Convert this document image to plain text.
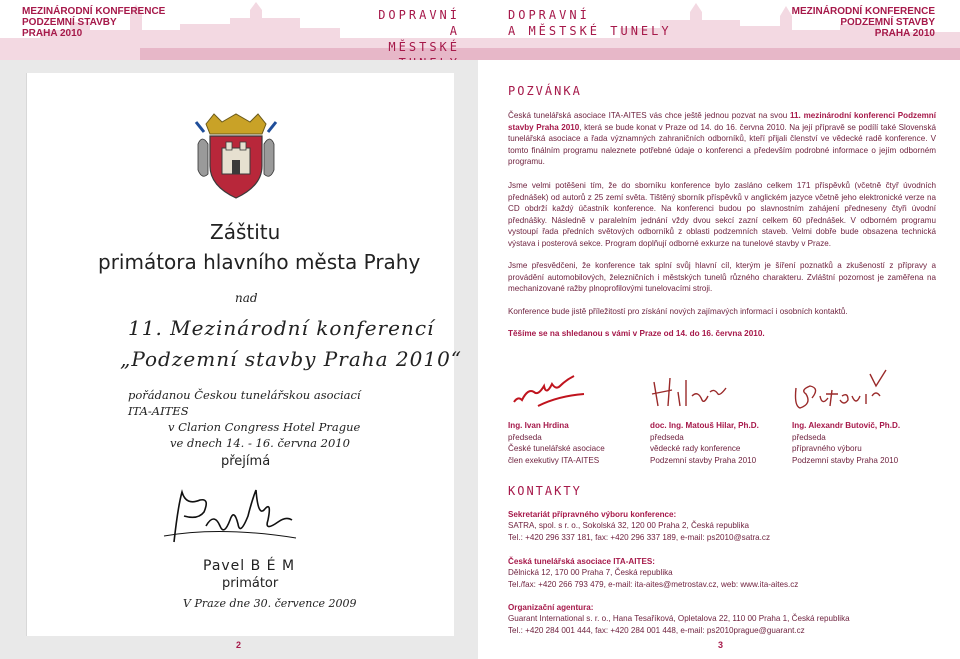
MEZINÁRODNÍ KONFERENCE
PODZEMNÍ STAVBY
PRAHA 2010
DOPRAVNÍ
A MĚSTSKÉ
DOPRAVNÍ
A MĚSTSKÉ TUNELY
MEZINÁRODNÍ KONFERENCE
PODZEMNÍ STAVBY
PRAHA 2010
Záštitu
primátora hlavního města Prahy
nad
11. Mezinárodní konferencí
„Podzemní stavby Praha 2010“
pořádanou Českou tunelářskou asociací ITA-AITES
v Clarion Congress Hotel Prague
ve dnech 14. - 16. června 2010
přejímá
Pavel B É M
primátor
V Praze dne 30. července 2009
2
POZVÁNKA
Česká tunelářská asociace ITA-AITES vás chce ještě jednou pozvat na svou 11. mezinárodní konferenci Podzemní stavby Praha 2010, která se bude konat v Praze od 14. do 16. června 2010. Na její přípravě se podílí také Slovenská tunelářská asociace a řada významných zahraničních odborníků, kteří přijali členství ve vědecké radě konference. V tomto finálním programu naleznete potřebné údaje o konferenci a především podrobné informace o jejím odborném programu.
Jsme velmi potěšeni tím, že do sborníku konference bylo zasláno celkem 171 příspěvků (včetně čtyř úvodních přednášek) od autorů z 25 zemí světa. Tištěný sborník příspěvků v anglickém jazyce včetně jeho elektronické verze na CD obdrží každý účastník konference. Na konferenci budou po slavnostním zahájení předneseny čtyři úvodní přednášky. Následně v paralelním jednání vždy dvou sekcí zazní celkem 60 přednášek. V odborném programu vystoupí řada předních světových odborníků z oblasti podzemních staveb. Velmi dobře bude obsazena technická výstava i posterová sekce. Program doplňují odborné exkurze na tunelové stavby v Praze.
Jsme přesvědčeni, že konference tak splní svůj hlavní cíl, kterým je šíření poznatků a zkušeností z přípravy a provádění automobilových, železničních i městských tunelů různého charakteru. Zvláštní pozornost je zaměřena na mechanizované ražby plnoprofilovými tunelovacími stroji.
Konference bude jistě příležitostí pro získání nových zajímavých informací i osobních kontaktů.
Těšíme se na shledanou s vámi v Praze od 14. do 16. června 2010.
Ing. Ivan Hrdina
předseda
České tunelářské asociace
člen exekutivy ITA-AITES
doc. Ing. Matouš Hilar, Ph.D.
předseda
vědecké rady konference
Podzemní stavby Praha 2010
Ing. Alexandr Butovič, Ph.D.
předseda
přípravného výboru
Podzemní stavby Praha 2010
KONTAKTY
Sekretariát přípravného výboru konference:
SATRA, spol. s r. o., Sokolská 32, 120 00 Praha 2, Česká republika
Tel.: +420 296 337 181, fax: +420 296 337 189, e-mail: ps2010@satra.cz
Česká tunelářská asociace ITA-AITES:
Dělnická 12, 170 00 Praha 7, Česká republika
Tel./fax: +420 266 793 479, e-mail: ita-aites@metrostav.cz, web: www.ita-aites.cz
Organizační agentura:
Guarant International s. r. o., Hana Tesaříková, Opletalova 22, 110 00 Praha 1, Česká republika
Tel.: +420 284 001 444, fax: +420 284 001 448, e-mail: ps2010prague@guarant.cz
3
